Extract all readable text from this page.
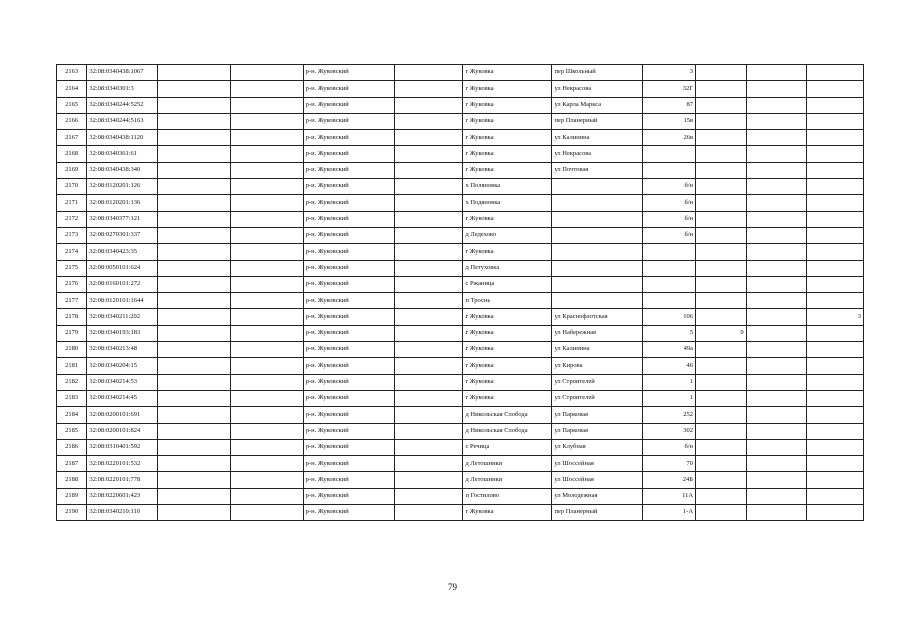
2163	32:08:0340438:1067			р-н. Жуковский		г Жуковка	пер Школьный	3			
2164	32:08:0340301:3			р-н. Жуковский		г Жуковка	ул Некрасова	32Г			
2165	32:08:0340244:5252			р-н. Жуковский		г Жуковка	ул Карла Маркса	87			
2166	32:08:0340244:5163			р-н. Жуковский		г Жуковка	пер Планерный	15в			
2167	32:08:0340438:1120			р-н. Жуковский		г Жуковка	ул Калинина	26в			
2168	32:08:0340361:61			р-н. Жуковский		г Жуковка	ул Некрасова				
2169	32:08:0340438:340			р-н. Жуковский		г Жуковка	ул Почтовая				
2170	32:08:0120201:126			р-н. Жуковский		х Поляновка		б/н			
2171	32:08:0120201:136			р-н. Жуковский		х Подяновка		б/н			
2172	32:08:0340377:121			р-н. Жуковский		г Жуковка		б/н			
2173	32:08:0270301:337			р-н. Жуковский		д Ледехово		б/н			
2174	32:08:0340423:35			р-н. Жуковский		г Жуковка					
2175	32:08:0050101:624			р-н. Жуковский		д Петуховка					
2176	32:08:0160101:272			р-н. Жуковский		с Ржаница					
2177	32:08:0120101:1644			р-н. Жуковский		п Троснь					
2178	32:08:0340211:202			р-н. Жуковский		г Жуковка	ул Краснофлотская	106			3
2179	32:08:0340193:183			р-н. Жуковский		г Жуковка	ул Набережная	5	9		
2180	32:08:0340213:48			р-н. Жуковский		г Жуковка	ул Калинина	49а			
2181	32:08:0340204:15			р-н. Жуковский		г Жуковка	ул Кирова	46			
2182	32:08:0340214:53			р-н. Жуковский		г Жуковка	ул Строителей	1			
2183	32:08:0340214:45			р-н. Жуковский		г Жуковка	ул Строителей	1			
2184	32:08:0200101:691			р-н. Жуковский		д Никольская Слобода	ул Парковая	252			
2185	32:08:0200101:824			р-н. Жуковский		д Никольская Слобода	ул Парковая	302			
2186	32:08:0310401:592			р-н. Жуковский		с Речица	ул Клубная	б/н			
2187	32:08:0220101:532			р-н. Жуковский		д Летошники	ул Шоссейная	70			
2188	32:08:0220101:778			р-н. Жуковский		д Летошники	ул Шоссейная	24Б			
2189	32:08:0220601:423			р-н. Жуковский		п Гостилово	ул Молодежная	11А			
2190	32:08:0340210:110			р-н. Жуковский		г Жуковка	пер Планерный	1-А			
79
